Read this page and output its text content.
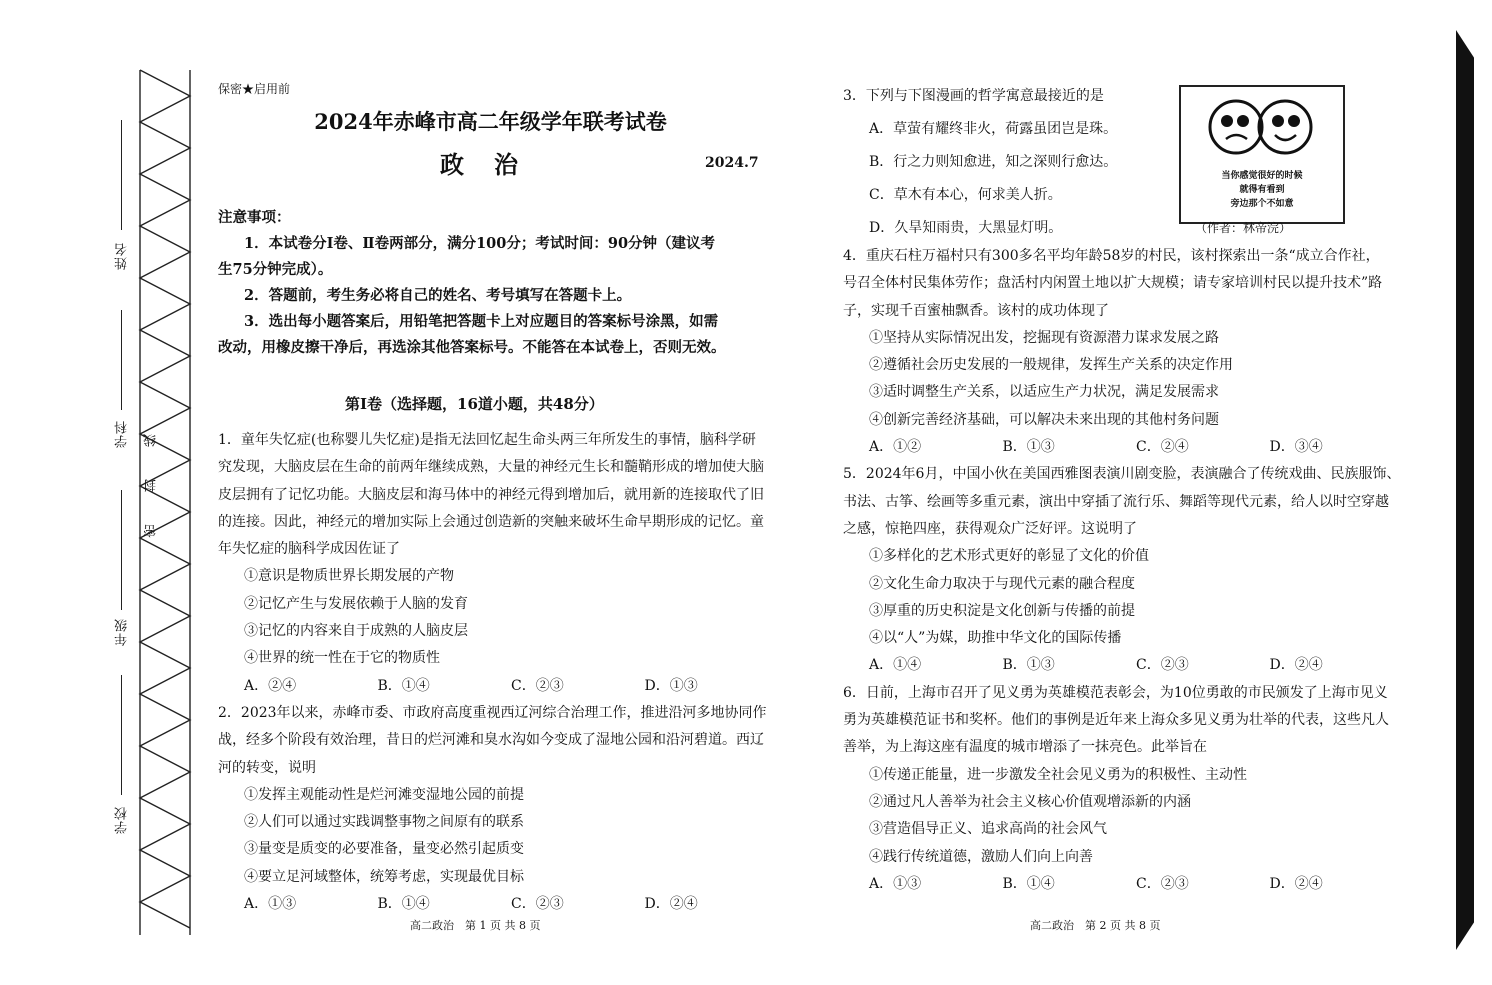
姓名
学科
年级
学校
密 封 线
保密★启用前
2024年赤峰市高二年级学年联考试卷
政治	2024.7
注意事项：
1．本试卷分Ⅰ卷、Ⅱ卷两部分，满分100分；考试时间：90分钟（建议考
生75分钟完成）。
2．答题前，考生务必将自己的姓名、考号填写在答题卡上。
3．选出每小题答案后，用铅笔把答题卡上对应题目的答案标号涂黑，如需
改动，用橡皮擦干净后，再选涂其他答案标号。不能答在本试卷上，否则无效。
第Ⅰ卷（选择题，16道小题，共48分）
1．童年失忆症(也称婴儿失忆症)是指无法回忆起生命头两三年所发生的事情，脑科学研
究发现，大脑皮层在生命的前两年继续成熟，大量的神经元生长和髓鞘形成的增加使大脑
皮层拥有了记忆功能。大脑皮层和海马体中的神经元得到增加后，就用新的连接取代了旧
的连接。因此，神经元的增加实际上会通过创造新的突触来破坏生命早期形成的记忆。童
年失忆症的脑科学成因佐证了
①意识是物质世界长期发展的产物
②记忆产生与发展依赖于人脑的发育
③记忆的内容来自于成熟的人脑皮层
④世界的统一性在于它的物质性
A．②④	B．①④	C．②③	D．①③
2．2023年以来，赤峰市委、市政府高度重视西辽河综合治理工作，推进沿河多地协同作
战，经多个阶段有效治理，昔日的烂河滩和臭水沟如今变成了湿地公园和沿河碧道。西辽
河的转变，说明
①发挥主观能动性是烂河滩变湿地公园的前提
②人们可以通过实践调整事物之间原有的联系
③量变是质变的必要准备，量变必然引起质变
④要立足河域整体，统筹考虑，实现最优目标
A．①③	B．①④	C．②③	D．②④
3．下列与下图漫画的哲学寓意最接近的是
A．草萤有耀终非火，荷露虽团岂是珠。
B．行之力则知愈进，知之深则行愈达。
C．草木有本心，何求美人折。
D．久旱知雨贵，大黑显灯明。
当你感觉很好的时候
就得有看到
旁边那个不如意
（作者：林帝浣）
4．重庆石柱万福村只有300多名平均年龄58岁的村民，该村探索出一条“成立合作社，
号召全体村民集体劳作；盘活村内闲置土地以扩大规模；请专家培训村民以提升技术”路
子，实现千百蜜柚飘香。该村的成功体现了
①坚持从实际情况出发，挖掘现有资源潜力谋求发展之路
②遵循社会历史发展的一般规律，发挥生产关系的决定作用
③适时调整生产关系，以适应生产力状况，满足发展需求
④创新完善经济基础，可以解决未来出现的其他村务问题
A．①②	B．①③	C．②④	D．③④
5．2024年6月，中国小伙在美国西雅图表演川剧变脸，表演融合了传统戏曲、民族服饰、
书法、古筝、绘画等多重元素，演出中穿插了流行乐、舞蹈等现代元素，给人以时空穿越
之感，惊艳四座，获得观众广泛好评。这说明了
①多样化的艺术形式更好的彰显了文化的价值
②文化生命力取决于与现代元素的融合程度
③厚重的历史积淀是文化创新与传播的前提
④以“人”为媒，助推中华文化的国际传播
A．①④	B．①③	C．②③	D．②④
6．日前，上海市召开了见义勇为英雄模范表彰会，为10位勇敢的市民颁发了上海市见义
勇为英雄模范证书和奖杯。他们的事例是近年来上海众多见义勇为壮举的代表，这些凡人
善举，为上海这座有温度的城市增添了一抹亮色。此举旨在
①传递正能量，进一步激发全社会见义勇为的积极性、主动性
②通过凡人善举为社会主义核心价值观增添新的内涵
③营造倡导正义、追求高尚的社会风气
④践行传统道德，激励人们向上向善
A．①③	B．①④	C．②③	D．②④
高二政治　第 1 页 共 8 页	高二政治　第 2 页 共 8 页
